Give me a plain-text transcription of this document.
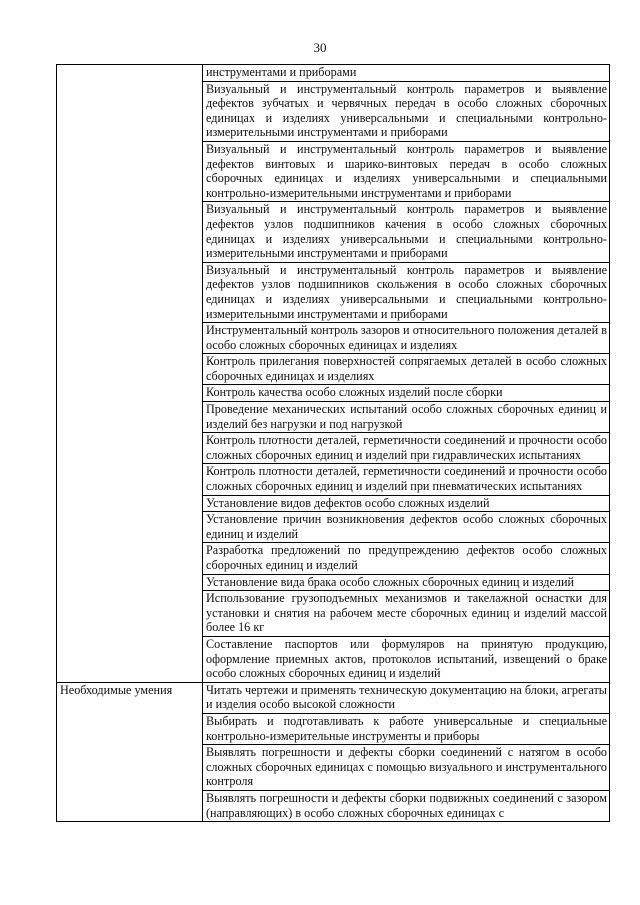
30
	инструментами и приборами
	Визуальный и инструментальный контроль параметров и выявление дефектов зубчатых и червячных передач в особо сложных сборочных единицах и изделиях универсальными и специальными контрольно-измерительными инструментами и приборами
	Визуальный и инструментальный контроль параметров и выявление дефектов винтовых и шарико-винтовых передач в особо сложных сборочных единицах и изделиях универсальными и специальными контрольно-измерительными инструментами и приборами
	Визуальный и инструментальный контроль параметров и выявление дефектов узлов подшипников качения в особо сложных сборочных единицах и изделиях универсальными и специальными контрольно-измерительными инструментами и приборами
	Визуальный и инструментальный контроль параметров и выявление дефектов узлов подшипников скольжения в особо сложных сборочных единицах и изделиях универсальными и специальными контрольно-измерительными инструментами и приборами
	Инструментальный контроль зазоров и относительного положения деталей в особо сложных сборочных единицах и изделиях
	Контроль прилегания поверхностей сопрягаемых деталей в особо сложных сборочных единицах и изделиях
	Контроль качества особо сложных изделий после сборки
	Проведение механических испытаний особо сложных сборочных единиц и изделий без нагрузки и под нагрузкой
	Контроль плотности деталей, герметичности соединений и прочности особо сложных сборочных единиц и изделий при гидравлических испытаниях
	Контроль плотности деталей, герметичности соединений и прочности особо сложных сборочных единиц и изделий при пневматических испытаниях
	Установление видов дефектов особо сложных изделий
	Установление причин возникновения дефектов особо сложных сборочных единиц и изделий
	Разработка предложений по предупреждению дефектов особо сложных сборочных единиц и изделий
	Установление вида брака особо сложных сборочных единиц и изделий
	Использование грузоподъемных механизмов и такелажной оснастки для установки и снятия на рабочем месте сборочных единиц и изделий массой более 16 кг
	Составление паспортов или формуляров на принятую продукцию, оформление приемных актов, протоколов испытаний, извещений о браке особо сложных сборочных единиц и изделий
Необходимые умения	Читать чертежи и применять техническую документацию на блоки, агрегаты и изделия особо высокой сложности
	Выбирать и подготавливать к работе универсальные и специальные контрольно-измерительные инструменты и приборы
	Выявлять погрешности и дефекты сборки соединений с натягом в особо сложных сборочных единицах с помощью визуального и инструментального контроля
	Выявлять погрешности и дефекты сборки подвижных соединений с зазором (направляющих) в особо сложных сборочных единицах с
